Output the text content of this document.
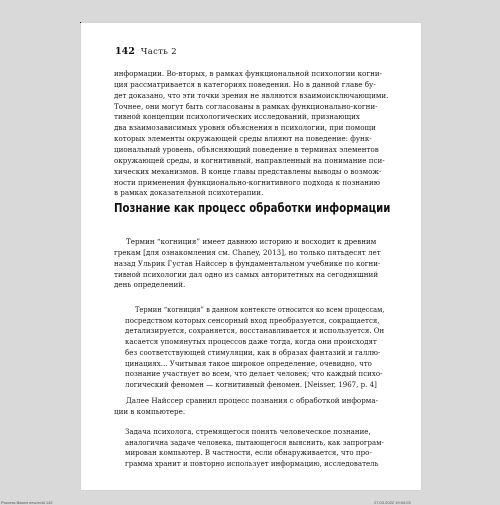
142 Часть 2
информации. Во-вторых, в рамках функциональной психологии когни-
ция рассматривается в категориях поведения. Но в данной главе бу-
дет доказано, что эти точки зрения не являются взаимоисключающими.
Точнее, они могут быть согласованы в рамках функционально-когни-
тивной концепции психологических исследований, признающих
два взаимозависимых уровня объяснения в психологии, при помощи
которых элементы окружающей среды влияют на поведение: функ-
циональный уровень, объясняющий поведение в терминах элементов
окружающей среды, и когнитивный, направленный на понимание пси-
хических механизмов. В конце главы представлены выводы о возмож-
ности применения функционально-когнитивного подхода к познанию
в рамках доказательной психотерапии.
Термин “когниция” имеет давнюю историю и восходит к древним
грекам [для ознакомления см. Chaney, 2013], но только пятьдесят лет
назад Ульрик Густав Найссер в фундаментальном учебнике по когни-
тивной психологии дал одно из самых авторитетных на сегодняшний
день определений.
Термин “когниция” в данном контексте относится ко всем процессам,
посредством которых сенсорный вход преобразуется, сокращается,
детализируется, сохраняется, восстанавливается и используется. Он
касается упомянутых процессов даже тогда, когда они происходят
без соответствующей стимуляции, как в образах фантазий и галлю-
цинациях... Учитывая такое широкое определение, очевидно, что
познание участвует во всем, что делает человек; что каждый психо-
логический феномен — когнитивный феномен. [Neisser, 1967, p. 4]
Далее Найссер сравнил процесс познания с обработкой информа-
ции в компьютере.
Задача психолога, стремящегося понять человеческое познание,
аналогична задаче человека, пытающегося выяснить, как запрограм-
мирован компьютер. В частности, если обнаруживается, что про-
грамма хранит и повторно использует информацию, исследователь
Познание как процесс обработки информации
Process Based new.indd 142	27.03.2022 19:04:03
